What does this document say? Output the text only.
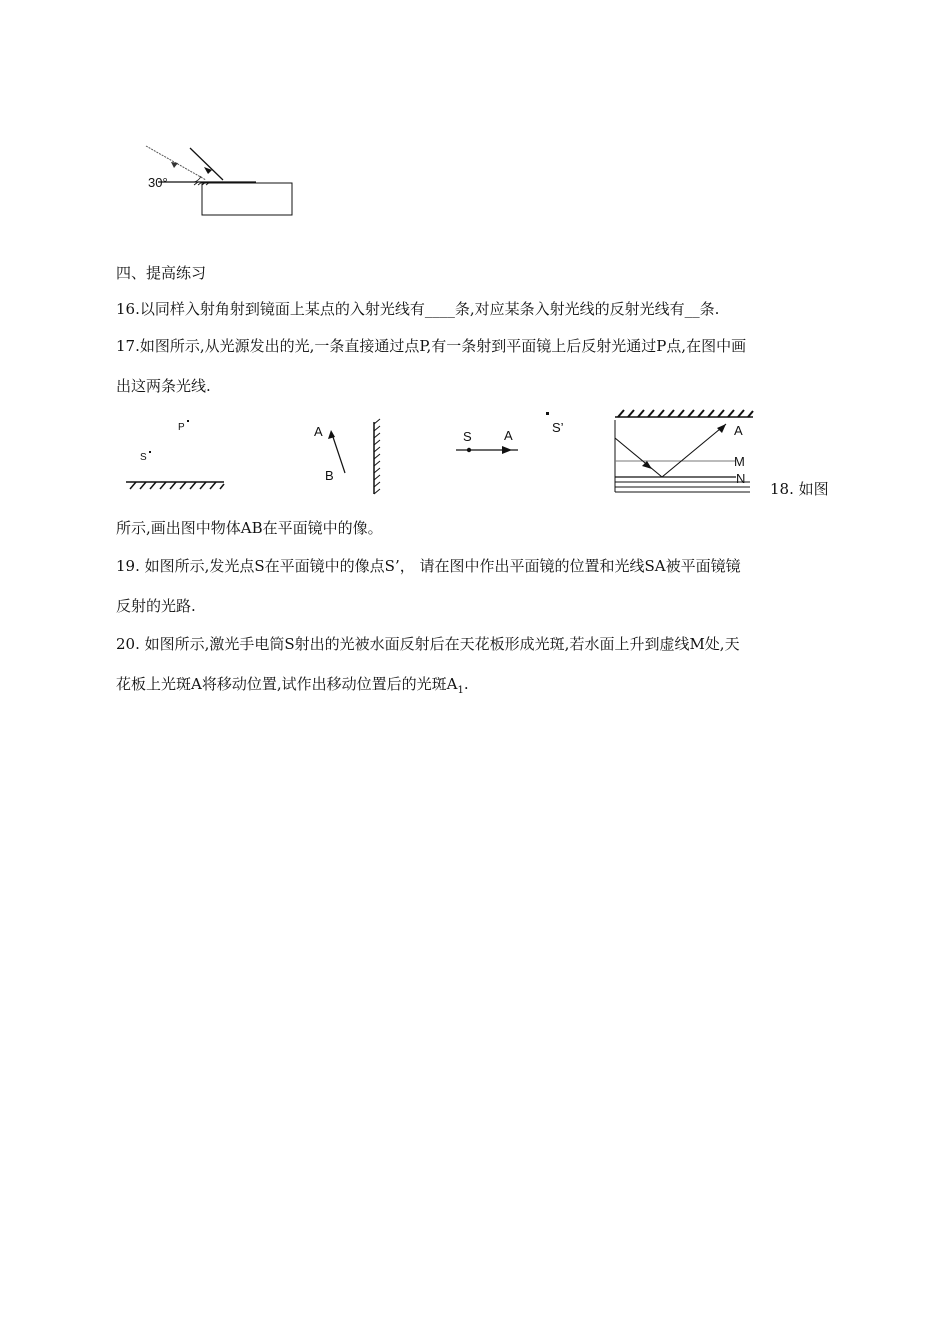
30°
四、提高练习
16.以同样入射角射到镜面上某点的入射光线有____条,对应某条入射光线的反射光线有__条.
17.如图所示,从光源发出的光,一条直接通过点P,有一条射到平面镜上后反射光通过P点,在图中画
出这两条光线.
P
S
A
B
S’
S A	A
M
N
18. 如图
所示,画出图中物体AB在平面镜中的像。
19. 如图所示,发光点S在平面镜中的像点S’， 请在图中作出平面镜的位置和光线SA被平面镜镜
反射的光路.
20. 如图所示,激光手电筒S射出的光被水面反射后在天花板形成光斑,若水面上升到虚线M处,天
花板上光斑A将移动位置,试作出移动位置后的光斑$A_1$.
